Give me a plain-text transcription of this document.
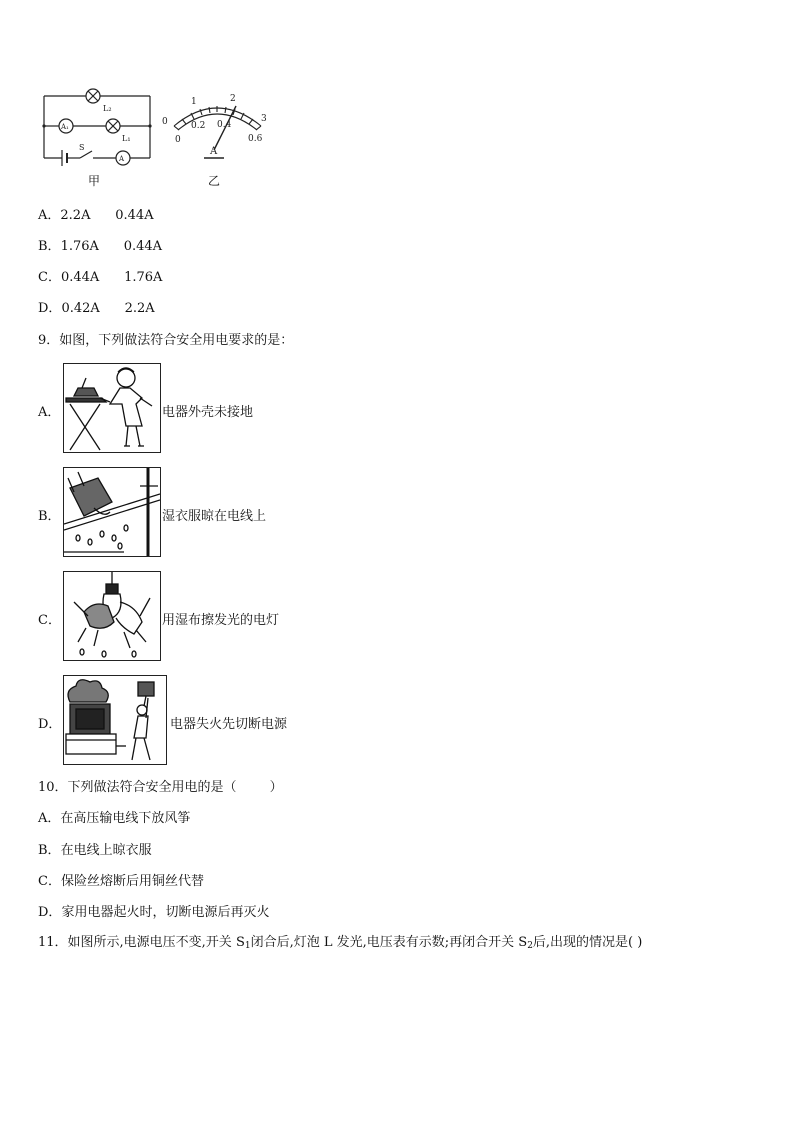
L₂
A₁
L₁
A
S
甲
0
1	2
3
0
0.2 0.4
0.6
A
乙
A．2.2A      0.44A
B．1.76A      0.44A
C．0.44A      1.76A
D．0.42A      2.2A
9．如图，下列做法符合安全用电要求的是：
A．	电器外壳未接地
B．	湿衣服晾在电线上
C．	用湿布擦发光的电灯
D．	电器失火先切断电源
10．下列做法符合安全用电的是（        ）
A．在高压输电线下放风筝
B．在电线上晾衣服
C．保险丝熔断后用铜丝代替
D．家用电器起火时，切断电源后再灭火
11．如图所示,电源电压不变,开关 $S_1$闭合后,灯泡 L 发光,电压表有示数;再闭合开关 $S_2$后,出现的情况是( )
